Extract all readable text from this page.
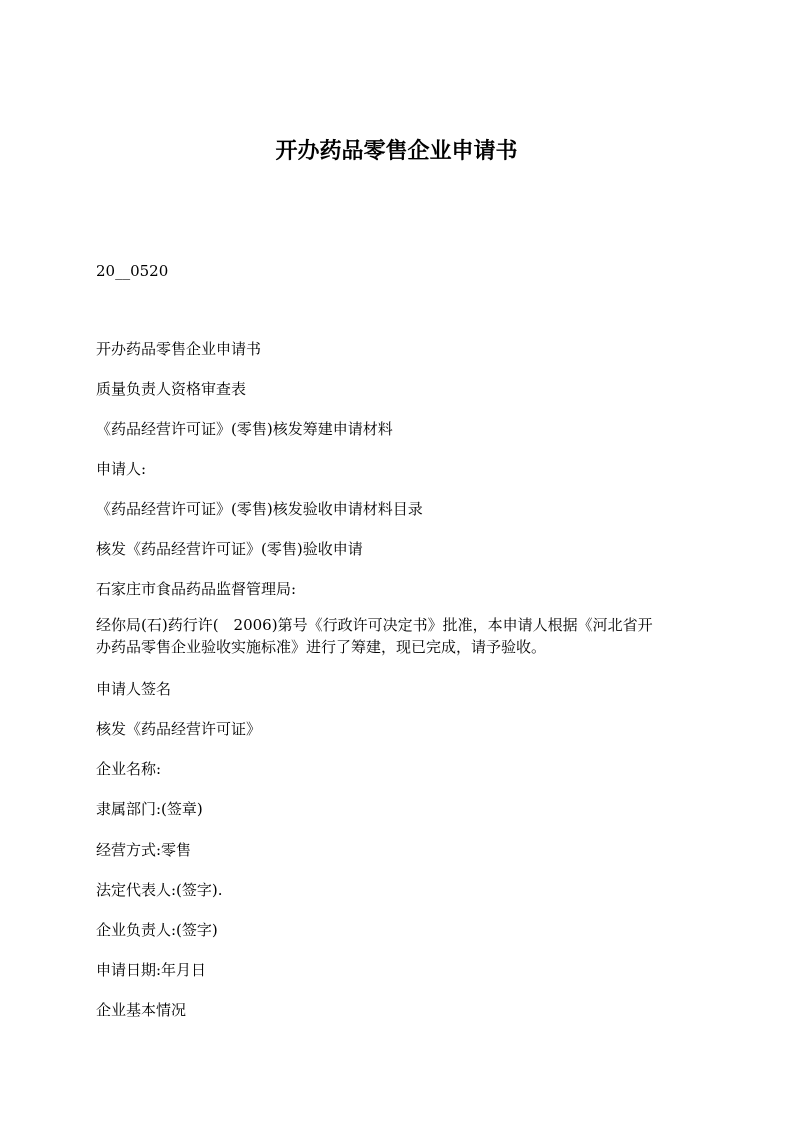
开办药品零售企业申请书

20__0520

开办药品零售企业申请书

质量负责人资格审查表

《药品经营许可证》(零售)核发筹建申请材料

申请人:

《药品经营许可证》(零售)核发验收申请材料目录

核发《药品经营许可证》(零售)验收申请

石家庄市食品药品监督管理局:

经你局(石)药行许(　2006)第号《行政许可决定书》批准，本申请人根据《河北省开
办药品零售企业验收实施标准》进行了筹建，现已完成，请予验收。

申请人签名

核发《药品经营许可证》

企业名称:

隶属部门:(签章)

经营方式:零售

法定代表人:(签字).

企业负责人:(签字)

申请日期:年月日

企业基本情况
